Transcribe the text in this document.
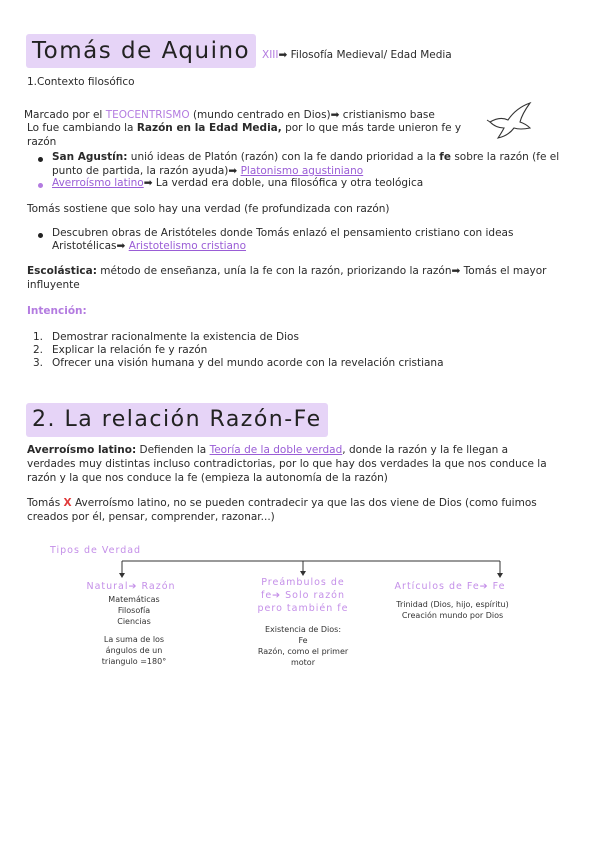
Tomás de Aquino	XIII➡ Filosofía Medieval/ Edad Media
1.Contexto filosófico
Marcado por el TEOCENTRISMO (mundo centrado en Dios)➡ cristianismo base
Lo fue cambiando la Razón en la Edad Media, por lo que más tarde unieron fe y razón
San Agustín: unió ideas de Platón (razón) con la fe dando prioridad a la fe sobre la razón (fe el
punto de partida, la razón ayuda)➡ Platonismo agustiniano
Averroísmo latino➡ La verdad era doble, una filosófica y otra teológica
Tomás sostiene que solo hay una verdad (fe profundizada con razón)
Descubren obras de Aristóteles donde Tomás enlazó el pensamiento cristiano con ideas
Aristotélicas➡ Aristotelismo cristiano
Escolástica: método de enseñanza, unía la fe con la razón, priorizando la razón➡ Tomás el mayor
influyente
Intención:
1. Demostrar racionalmente la existencia de Dios
2. Explicar la relación fe y razón
3. Ofrecer una visión humana y del mundo acorde con la revelación cristiana
2. La relación Razón-Fe
Averroísmo latino: Defienden la Teoría de la doble verdad, donde la razón y la fe llegan a
verdades muy distintas incluso contradictorias, por lo que hay dos verdades la que nos conduce la
razón y la que nos conduce la fe (empieza la autonomía de la razón)
Tomás X Averroísmo latino, no se pueden contradecir ya que las dos viene de Dios (como fuimos
creados por él, pensar, comprender, razonar...)
Tipos de Verdad
Natural➔ Razón
Matemáticas
Filosofía
Ciencias
La suma de los
ángulos de un
triangulo =180°
Preámbulos de
fe➔ Solo razón
pero también fe
Existencia de Dios:
Fe
Razón, como el primer
motor
Artículos de Fe➔ Fe
Trinidad (Dios, hijo, espíritu)
Creación mundo por Dios
